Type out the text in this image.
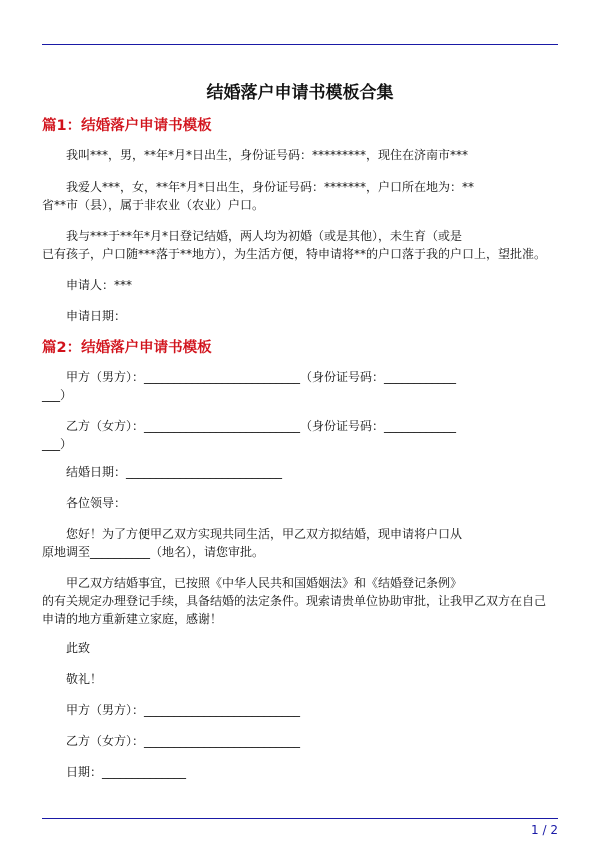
结婚落户申请书模板合集
篇1：结婚落户申请书模板
我叫***，男，**年*月*日出生，身份证号码：*********，现住在济南市***
我爱人***，女，**年*月*日出生，身份证号码：*******，户口所在地为：**
省**市（县），属于非农业（农业）户口。
我与***于**年*月*日登记结婚，两人均为初婚（或是其他），未生育（或是
已有孩子，户口随***落于**地方），为生活方便，特申请将**的户口落于我的户口上，望批准。
申请人：***
申请日期：
篇2：结婚落户申请书模板
甲方（男方）：__________________________（身份证号码：____________
___）
乙方（女方）：__________________________（身份证号码：____________
___）
结婚日期：__________________________
各位领导：
您好！为了方便甲乙双方实现共同生活，甲乙双方拟结婚，现申请将户口从
原地调至__________（地名），请您审批。
甲乙双方结婚事宜，已按照《中华人民共和国婚姻法》和《结婚登记条例》
的有关规定办理登记手续，具备结婚的法定条件。现索请贵单位协助审批，让我甲乙双方在自己
申请的地方重新建立家庭，感谢！
此致
敬礼！
甲方（男方）：__________________________
乙方（女方）：__________________________
日期：______________
1 / 2
